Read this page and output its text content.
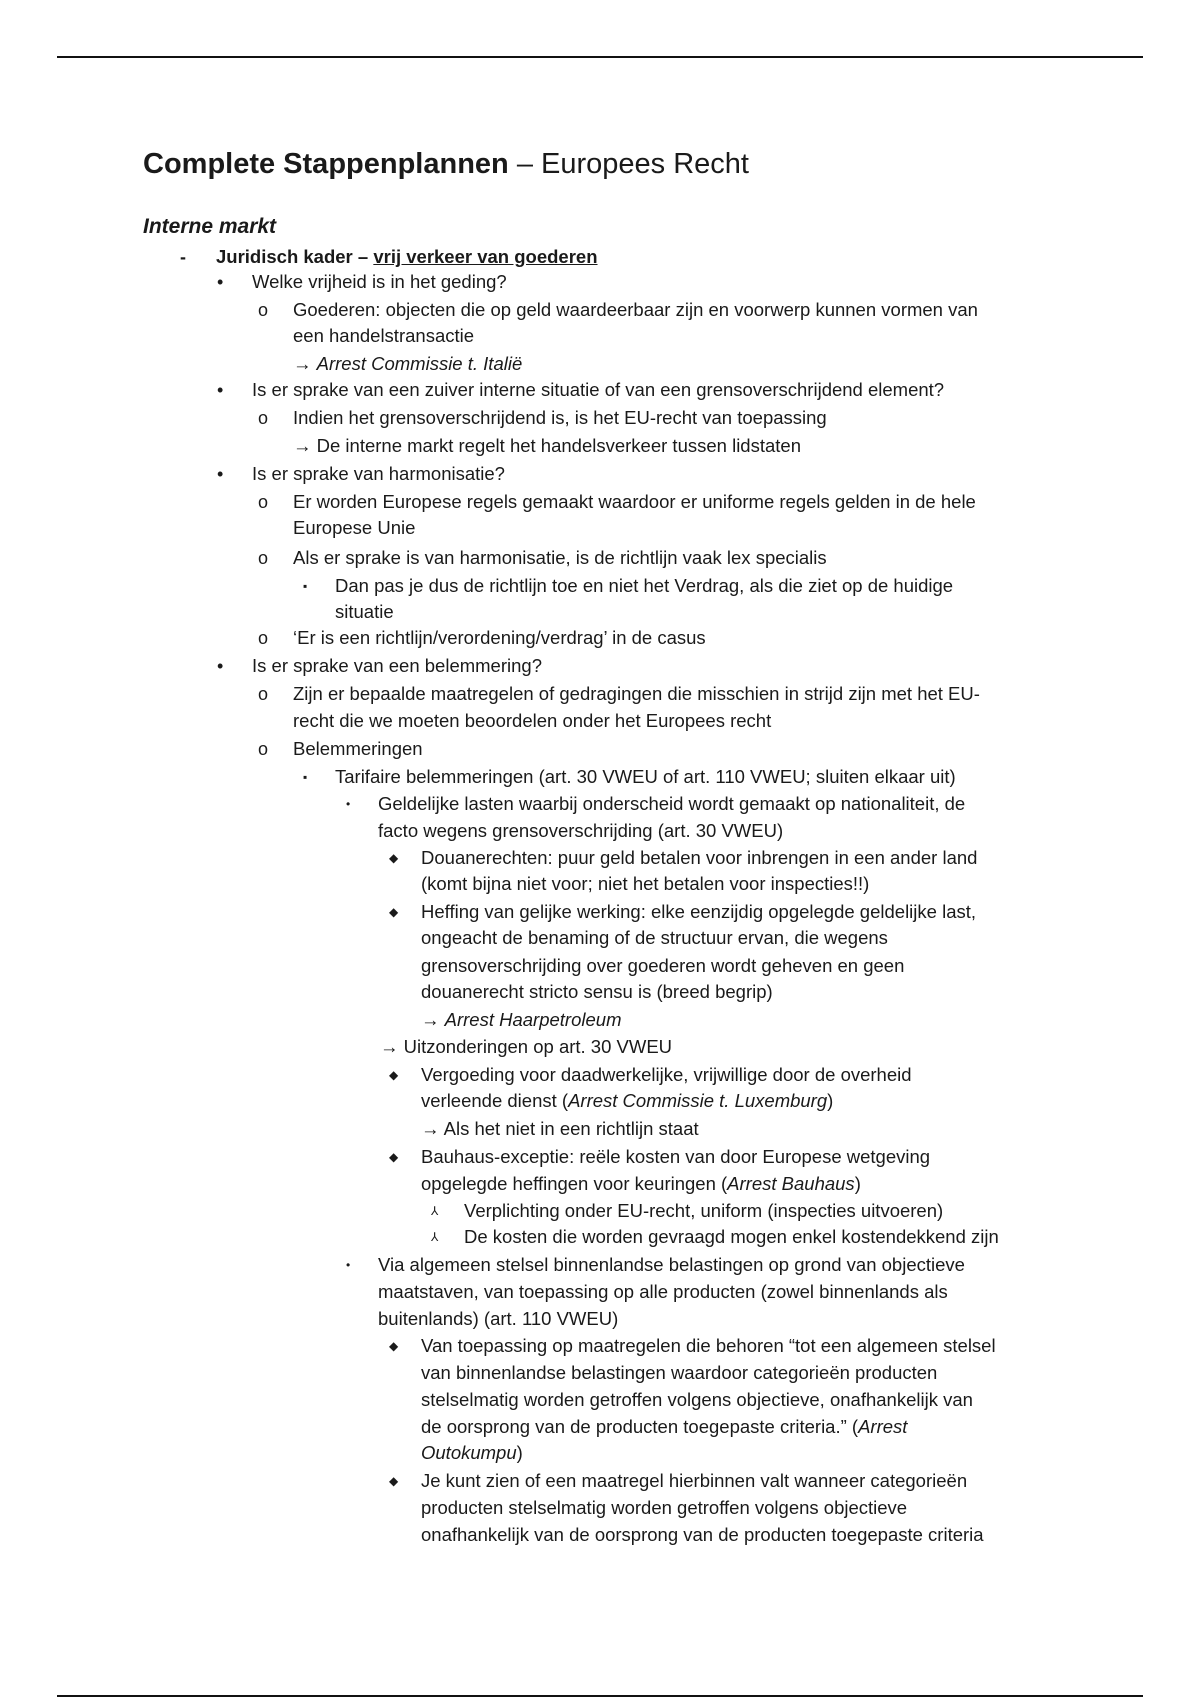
Complete Stappenplannen – Europees Recht
Interne markt
- Juridisch kader – vrij verkeer van goederen
• Welke vrijheid is in het geding?
o Goederen: objecten die op geld waardeerbaar zijn en voorwerp kunnen vormen van
een handelstransactie
→ Arrest Commissie t. Italië
• Is er sprake van een zuiver interne situatie of van een grensoverschrijdend element?
o Indien het grensoverschrijdend is, is het EU-recht van toepassing
→ De interne markt regelt het handelsverkeer tussen lidstaten
• Is er sprake van harmonisatie?
o Er worden Europese regels gemaakt waardoor er uniforme regels gelden in de hele
Europese Unie
o Als er sprake is van harmonisatie, is de richtlijn vaak lex specialis
▪ Dan pas je dus de richtlijn toe en niet het Verdrag, als die ziet op de huidige
situatie
o ‘Er is een richtlijn/verordening/verdrag’ in de casus
• Is er sprake van een belemmering?
o Zijn er bepaalde maatregelen of gedragingen die misschien in strijd zijn met het EU-
recht die we moeten beoordelen onder het Europees recht
o Belemmeringen
▪ Tarifaire belemmeringen (art. 30 VWEU of art. 110 VWEU; sluiten elkaar uit)
• Geldelijke lasten waarbij onderscheid wordt gemaakt op nationaliteit, de
facto wegens grensoverschrijding (art. 30 VWEU)
◆ Douanerechten: puur geld betalen voor inbrengen in een ander land
(komt bijna niet voor; niet het betalen voor inspecties!!)
◆ Heffing van gelijke werking: elke eenzijdig opgelegde geldelijke last,
ongeacht de benaming of de structuur ervan, die wegens
grensoverschrijding over goederen wordt geheven en geen
douanerecht stricto sensu is (breed begrip)
→ Arrest Haarpetroleum
→ Uitzonderingen op art. 30 VWEU
◆ Vergoeding voor daadwerkelijke, vrijwillige door de overheid
verleende dienst (Arrest Commissie t. Luxemburg)
→ Als het niet in een richtlijn staat
◆ Bauhaus-exceptie: reële kosten van door Europese wetgeving
opgelegde heffingen voor keuringen (Arrest Bauhaus)
⅄ Verplichting onder EU-recht, uniform (inspecties uitvoeren)
⅄ De kosten die worden gevraagd mogen enkel kostendekkend zijn
• Via algemeen stelsel binnenlandse belastingen op grond van objectieve
maatstaven, van toepassing op alle producten (zowel binnenlands als
buitenlands) (art. 110 VWEU)
◆ Van toepassing op maatregelen die behoren “tot een algemeen stelsel
van binnenlandse belastingen waardoor categorieën producten
stelselmatig worden getroffen volgens objectieve, onafhankelijk van
de oorsprong van de producten toegepaste criteria.” (Arrest
Outokumpu)
◆ Je kunt zien of een maatregel hierbinnen valt wanneer categorieën
producten stelselmatig worden getroffen volgens objectieve
onafhankelijk van de oorsprong van de producten toegepaste criteria
